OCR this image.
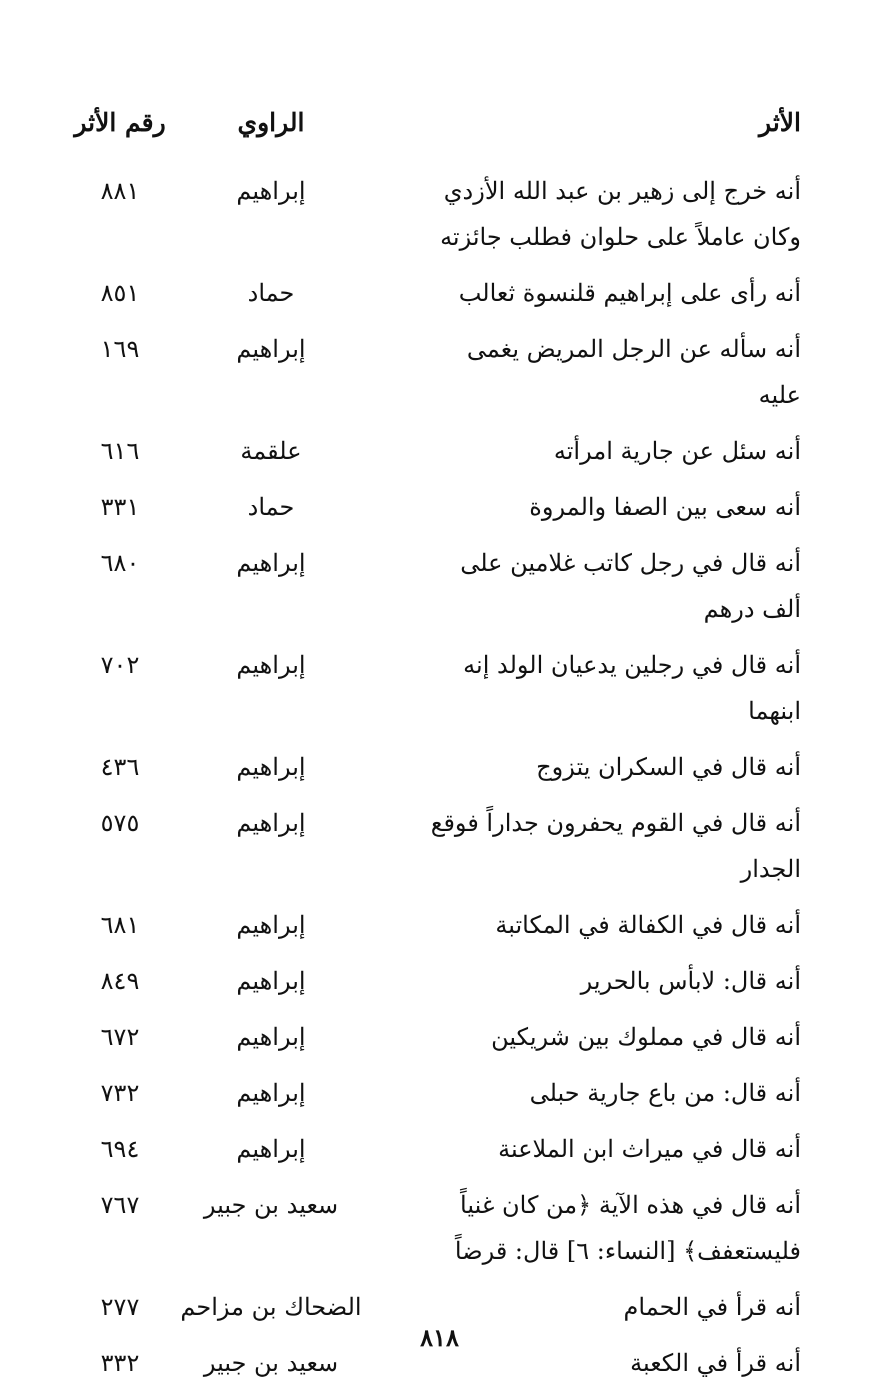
الأثر
الراوي
رقم الأثر
أنه خرج إلى زهير بن عبد الله الأزدي وكان عاملاً على حلوان فطلب جائزته
إبراهيم
٨٨١
أنه رأى على إبراهيم قلنسوة ثعالب
حماد
٨٥١
أنه سأله عن الرجل المريض يغمى عليه
إبراهيم
١٦٩
أنه سئل عن جارية امرأته
علقمة
٦١٦
أنه سعى بين الصفا والمروة
حماد
٣٣١
أنه قال في رجل كاتب غلامين على ألف درهم
إبراهيم
٦٨٠
أنه قال في رجلين يدعيان الولد إنه ابنهما
إبراهيم
٧٠٢
أنه قال في السكران يتزوج
إبراهيم
٤٣٦
أنه قال في القوم يحفرون جداراً فوقع الجدار
إبراهيم
٥٧٥
أنه قال في الكفالة في المكاتبة
إبراهيم
٦٨١
أنه قال: لابأس بالحرير
إبراهيم
٨٤٩
أنه قال في مملوك بين شريكين
إبراهيم
٦٧٢
أنه قال: من باع جارية حبلى
إبراهيم
٧٣٢
أنه قال في ميراث ابن الملاعنة
إبراهيم
٦٩٤
أنه قال في هذه الآية ﴿من كان غنياً فليستعفف﴾ [النساء: ٦] قال: قرضاً
سعيد بن جبير
٧٦٧
أنه قرأ في الحمام
الضحاك بن مزاحم
٢٧٧
أنه قرأ في الكعبة
سعيد بن جبير
٣٣٢
٨١٨
